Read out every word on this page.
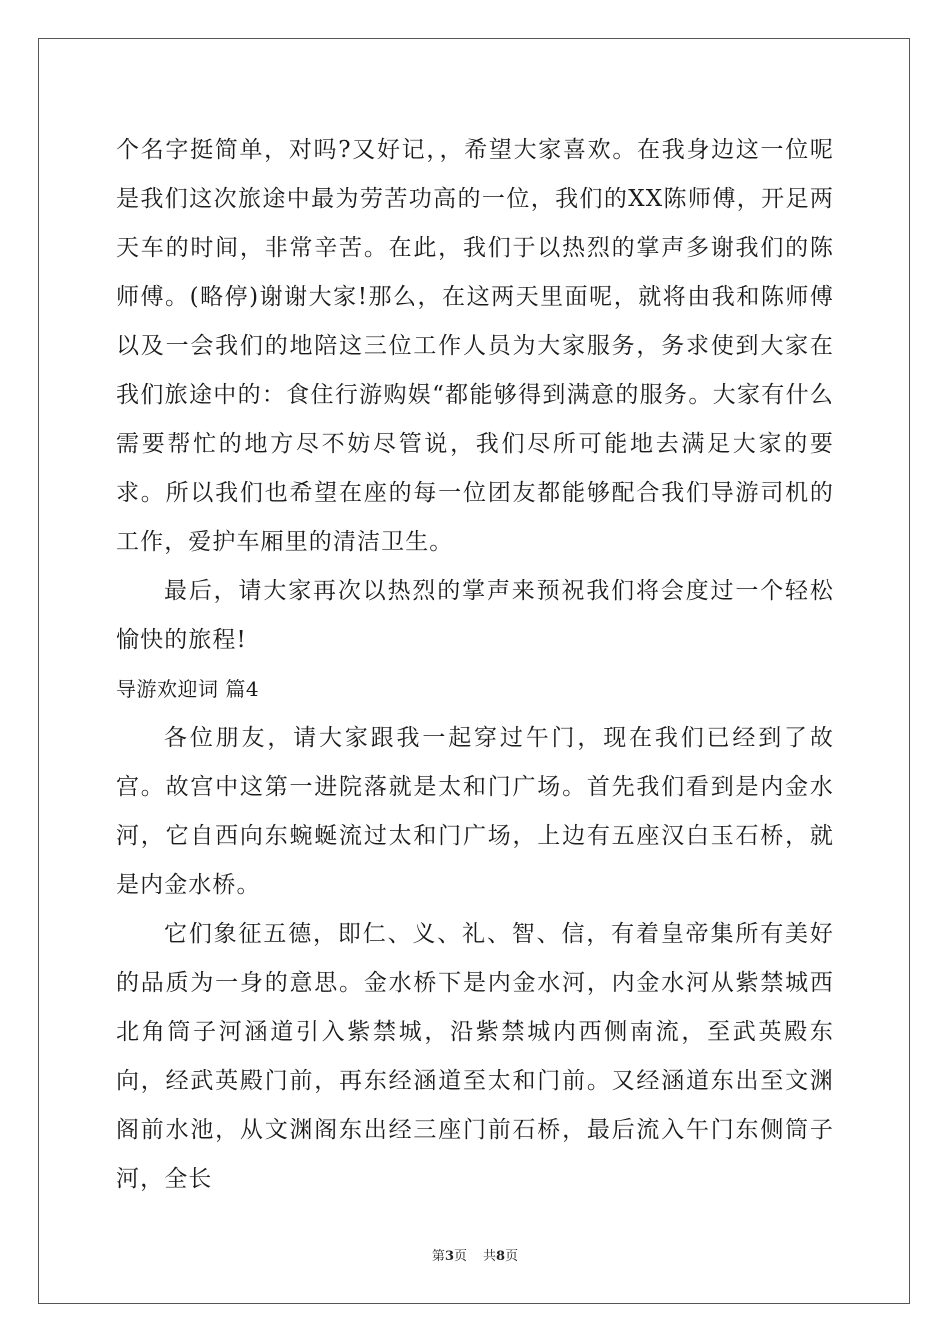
个名字挺简单，对吗?又好记，，希望大家喜欢。在我身边这一位呢是我们这次旅途中最为劳苦功高的一位，我们的XX陈师傅，开足两天车的时间，非常辛苦。在此，我们于以热烈的掌声多谢我们的陈师傅。(略停)谢谢大家!那么，在这两天里面呢，就将由我和陈师傅以及一会我们的地陪这三位工作人员为大家服务，务求使到大家在我们旅途中的：食住行游购娱“都能够得到满意的服务。大家有什么需要帮忙的地方尽不妨尽管说，我们尽所可能地去满足大家的要求。所以我们也希望在座的每一位团友都能够配合我们导游司机的工作，爱护车厢里的清洁卫生。

最后，请大家再次以热烈的掌声来预祝我们将会度过一个轻松愉快的旅程!

导游欢迎词 篇4

各位朋友，请大家跟我一起穿过午门，现在我们已经到了故宫。故宫中这第一进院落就是太和门广场。首先我们看到是内金水河，它自西向东蜿蜒流过太和门广场，上边有五座汉白玉石桥，就是内金水桥。

它们象征五德，即仁、义、礼、智、信，有着皇帝集所有美好的品质为一身的意思。金水桥下是内金水河，内金水河从紫禁城西北角筒子河涵道引入紫禁城，沿紫禁城内西侧南流，至武英殿东向，经武英殿门前，再东经涵道至太和门前。又经涵道东出至文渊阁前水池，从文渊阁东出经三座门前石桥，最后流入午门东侧筒子河，全长

第3页 共8页
